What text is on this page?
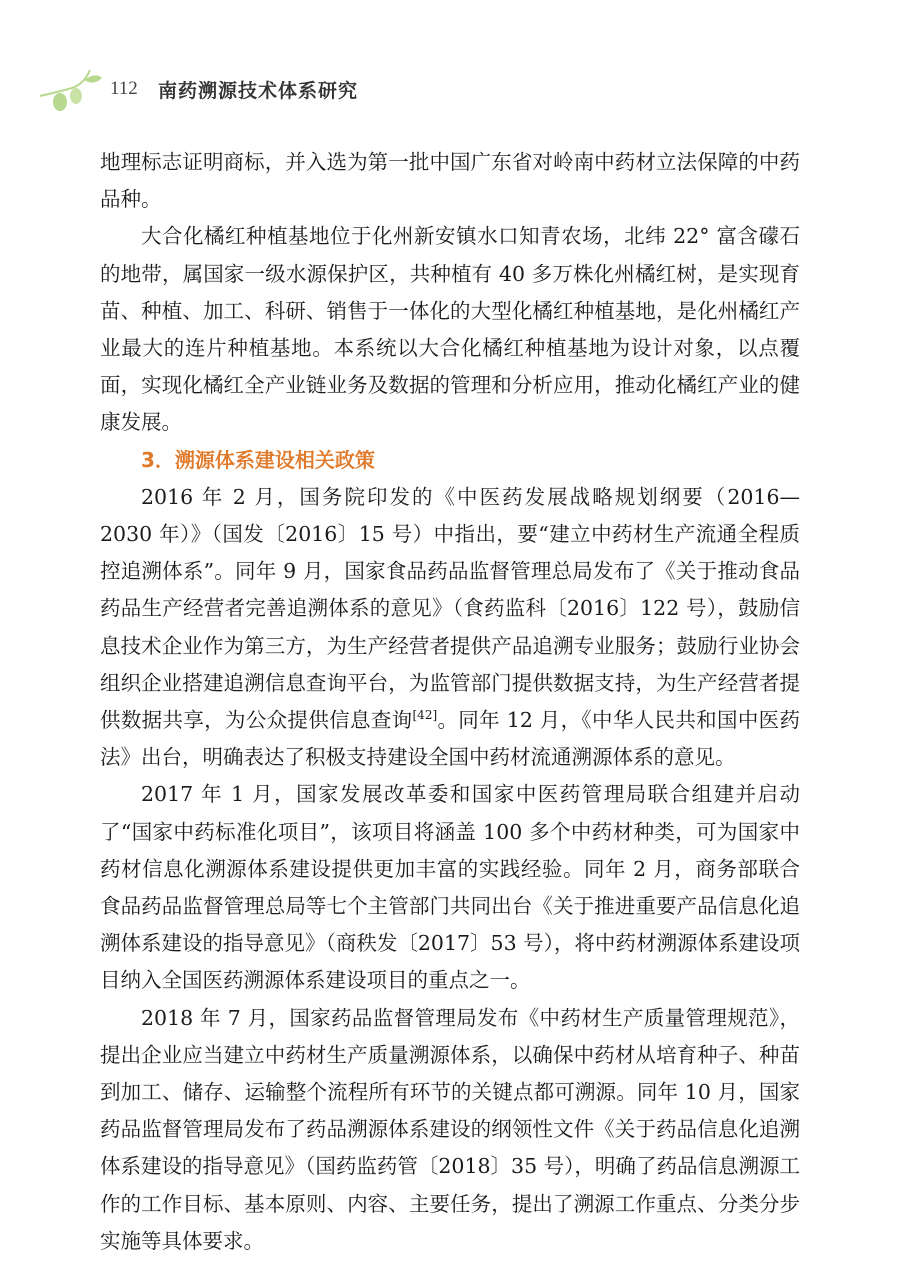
112 南药溯源技术体系研究

地理标志证明商标，并入选为第一批中国广东省对岭南中药材立法保障的中药品种。

大合化橘红种植基地位于化州新安镇水口知青农场，北纬 22° 富含礞石的地带，属国家一级水源保护区，共种植有 40 多万株化州橘红树，是实现育苗、种植、加工、科研、销售于一体化的大型化橘红种植基地，是化州橘红产业最大的连片种植基地。本系统以大合化橘红种植基地为设计对象，以点覆面，实现化橘红全产业链业务及数据的管理和分析应用，推动化橘红产业的健康发展。

3．溯源体系建设相关政策

2016 年 2 月，国务院印发的《中医药发展战略规划纲要（2016—2030 年）》（国发〔2016〕15 号）中指出，要“建立中药材生产流通全程质控追溯体系”。同年 9 月，国家食品药品监督管理总局发布了《关于推动食品药品生产经营者完善追溯体系的意见》（食药监科〔2016〕122 号），鼓励信息技术企业作为第三方，为生产经营者提供产品追溯专业服务；鼓励行业协会组织企业搭建追溯信息查询平台，为监管部门提供数据支持，为生产经营者提供数据共享，为公众提供信息查询[42]。同年 12 月，《中华人民共和国中医药法》出台，明确表达了积极支持建设全国中药材流通溯源体系的意见。

2017 年 1 月，国家发展改革委和国家中医药管理局联合组建并启动了“国家中药标准化项目”，该项目将涵盖 100 多个中药材种类，可为国家中药材信息化溯源体系建设提供更加丰富的实践经验。同年 2 月，商务部联合食品药品监督管理总局等七个主管部门共同出台《关于推进重要产品信息化追溯体系建设的指导意见》（商秩发〔2017〕53 号），将中药材溯源体系建设项目纳入全国医药溯源体系建设项目的重点之一。

2018 年 7 月，国家药品监督管理局发布《中药材生产质量管理规范》，提出企业应当建立中药材生产质量溯源体系，以确保中药材从培育种子、种苗到加工、储存、运输整个流程所有环节的关键点都可溯源。同年 10 月，国家药品监督管理局发布了药品溯源体系建设的纲领性文件《关于药品信息化追溯体系建设的指导意见》（国药监药管〔2018〕35 号），明确了药品信息溯源工作的工作目标、基本原则、内容、主要任务，提出了溯源工作重点、分类分步实施等具体要求。
